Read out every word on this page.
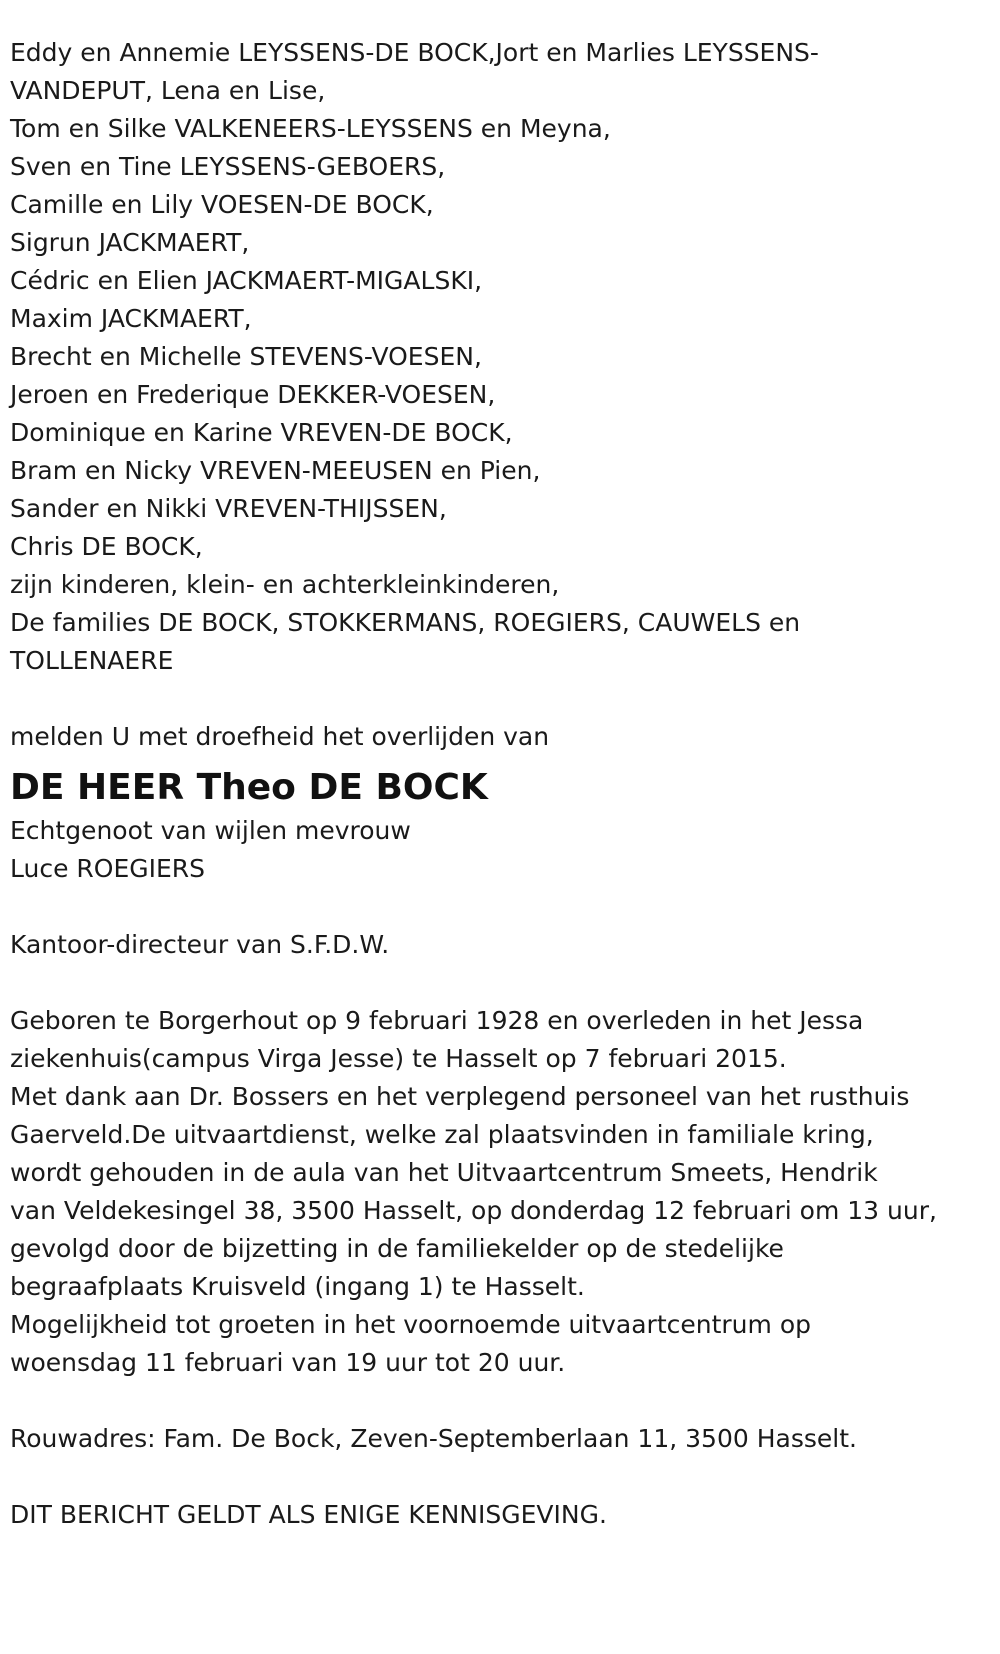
Eddy en Annemie LEYSSENS-DE BOCK,Jort en Marlies LEYSSENS-
VANDEPUT, Lena en Lise,
Tom en Silke VALKENEERS-LEYSSENS en Meyna,
Sven en Tine LEYSSENS-GEBOERS,
Camille en Lily VOESEN-DE BOCK,
Sigrun JACKMAERT,
Cédric en Elien JACKMAERT-MIGALSKI,
Maxim JACKMAERT,
Brecht en Michelle STEVENS-VOESEN,
Jeroen en Frederique DEKKER-VOESEN,
Dominique en Karine VREVEN-DE BOCK,
Bram en Nicky VREVEN-MEEUSEN en Pien,
Sander en Nikki VREVEN-THIJSSEN,
Chris DE BOCK,
zijn kinderen, klein- en achterkleinkinderen,
De families DE BOCK, STOKKERMANS, ROEGIERS, CAUWELS en
TOLLENAERE
melden U met droefheid het overlijden van
DE HEER Theo DE BOCK
Echtgenoot van wijlen mevrouw
Luce ROEGIERS
Kantoor-directeur van S.F.D.W.
Geboren te Borgerhout op 9 februari 1928 en overleden in het Jessa
ziekenhuis(campus Virga Jesse) te Hasselt op 7 februari 2015.
Met dank aan Dr. Bossers en het verplegend personeel van het rusthuis
Gaerveld.De uitvaartdienst, welke zal plaatsvinden in familiale kring,
wordt gehouden in de aula van het Uitvaartcentrum Smeets, Hendrik
van Veldekesingel 38, 3500 Hasselt, op donderdag 12 februari om 13 uur,
gevolgd door de bijzetting in de familiekelder op de stedelijke
begraafplaats Kruisveld (ingang 1) te Hasselt.
Mogelijkheid tot groeten in het voornoemde uitvaartcentrum op
woensdag 11 februari van 19 uur tot 20 uur.
Rouwadres: Fam. De Bock, Zeven-Septemberlaan 11, 3500 Hasselt.
DIT BERICHT GELDT ALS ENIGE KENNISGEVING.
